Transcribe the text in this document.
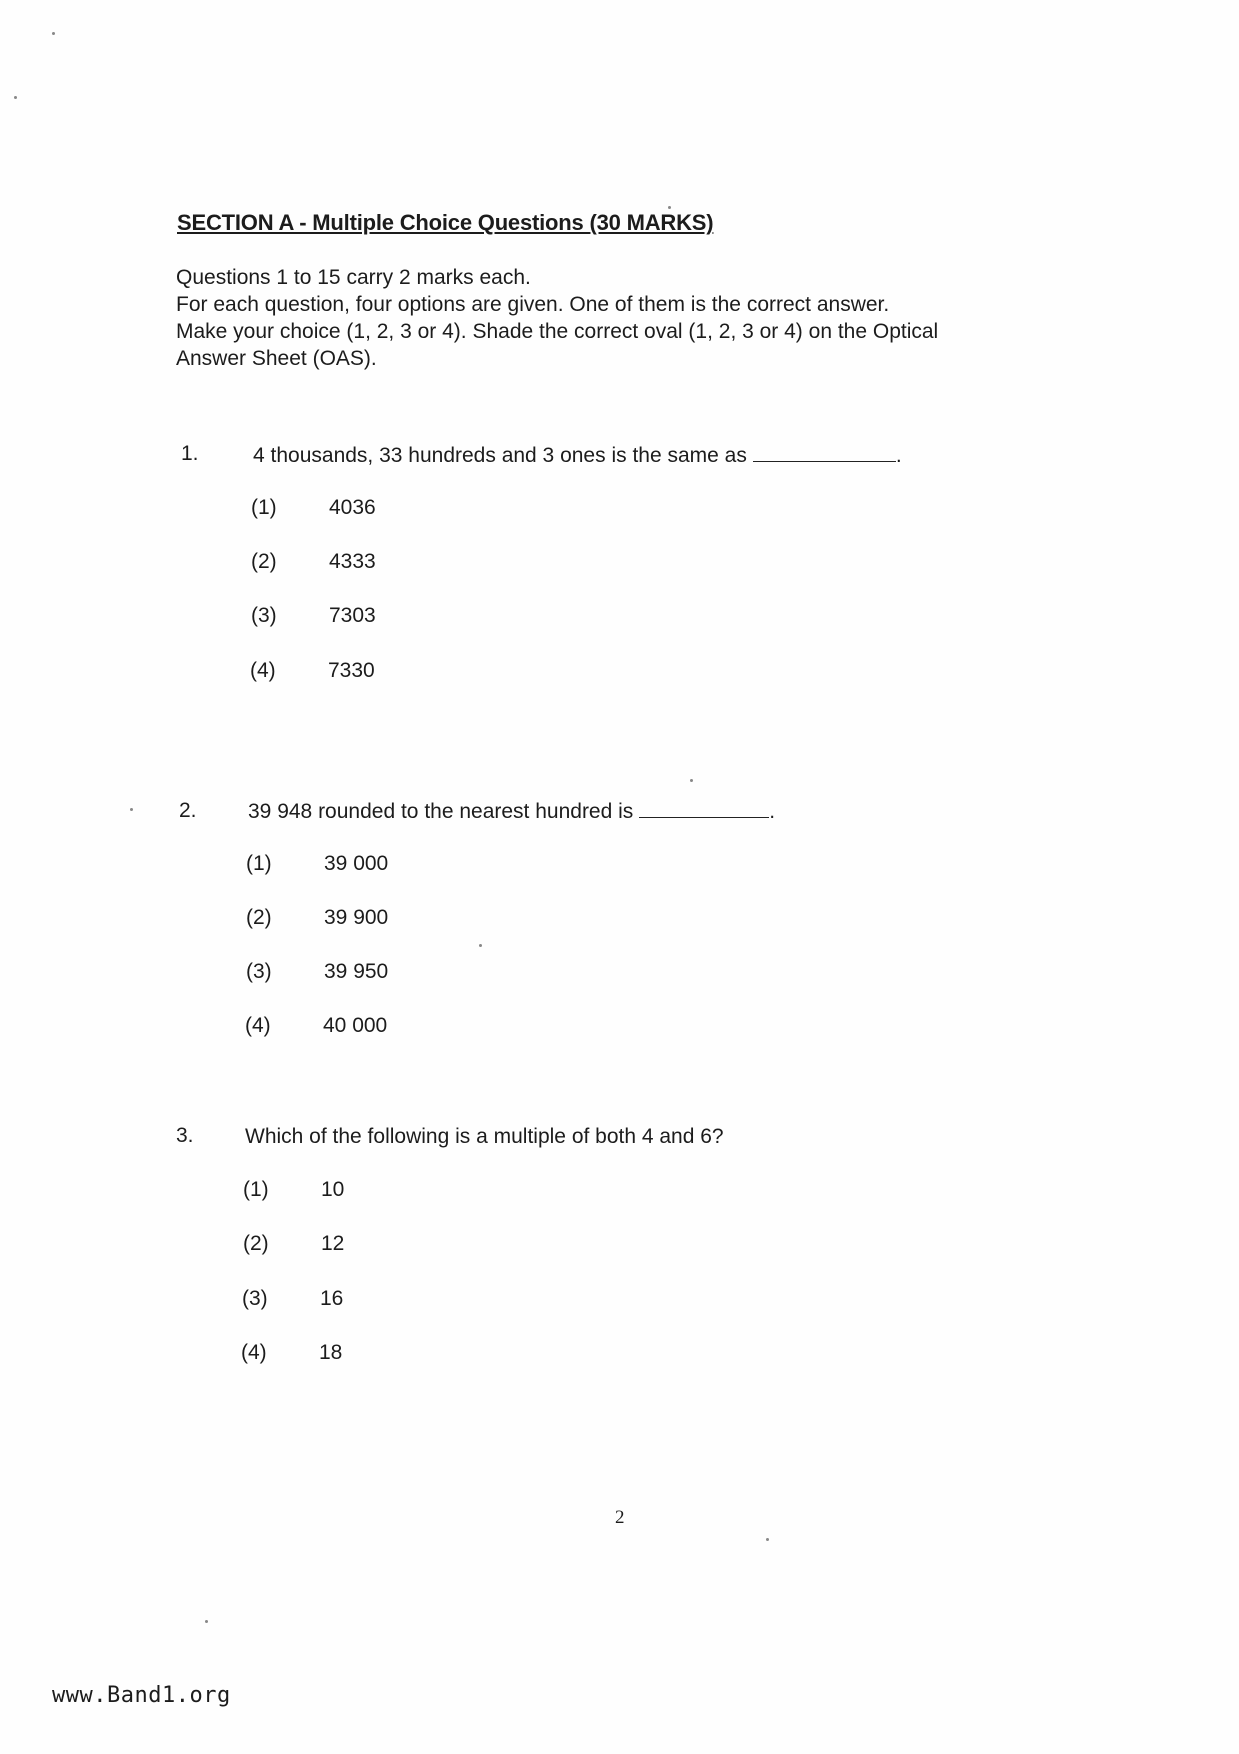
SECTION A - Multiple Choice Questions (30 MARKS)
Questions 1 to 15 carry 2 marks each.
For each question, four options are given. One of them is the correct answer.
Make your choice (1, 2, 3 or 4). Shade the correct oval (1, 2, 3 or 4) on the Optical
Answer Sheet (OAS).
1.	4 thousands, 33 hundreds and 3 ones is the same as	.
(1) 4036
(2) 4333
(3) 7303
(4) 7330
2. 39 948 rounded to the nearest hundred is	.
(1) 39 000
(2) 39 900
(3) 39 950
(4) 40 000
3. Which of the following is a multiple of both 4 and 6?
(1) 10
(2) 12
(3) 16
(4) 18
2
www.Band1.org
